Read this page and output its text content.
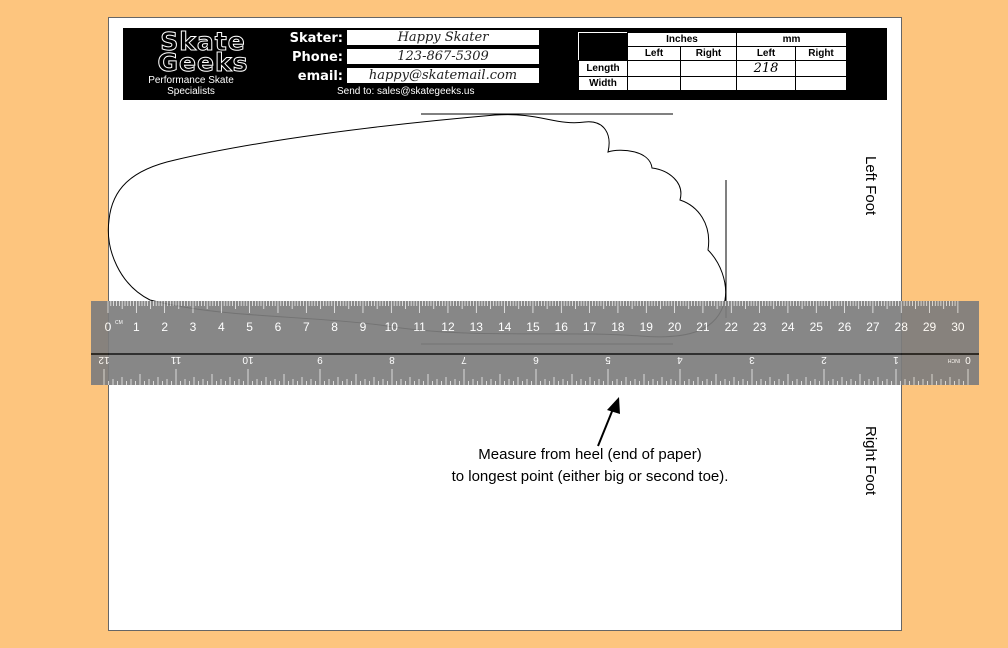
Skate
Geeks
Performance Skate
Specialists
Skater:	Happy Skater
Phone:	123-867-5309
email:	happy@skatemail.com
Send to: sales@skategeeks.us
	Inches		mm	
	Left	Right	Left	Right
Length			218	
Width				
Left Foot
Right Foot
0 1 2 3 4 5 6 7 8 9 10 11 12 13 14 15 16 17 18 19 20 21 22 23 24 25 26 27 28 29 30
CM
0
1
2
3
4
5
6
7
8
9
10
11
12	INCH
Measure from heel (end of paper)
to longest point (either big or second toe).
